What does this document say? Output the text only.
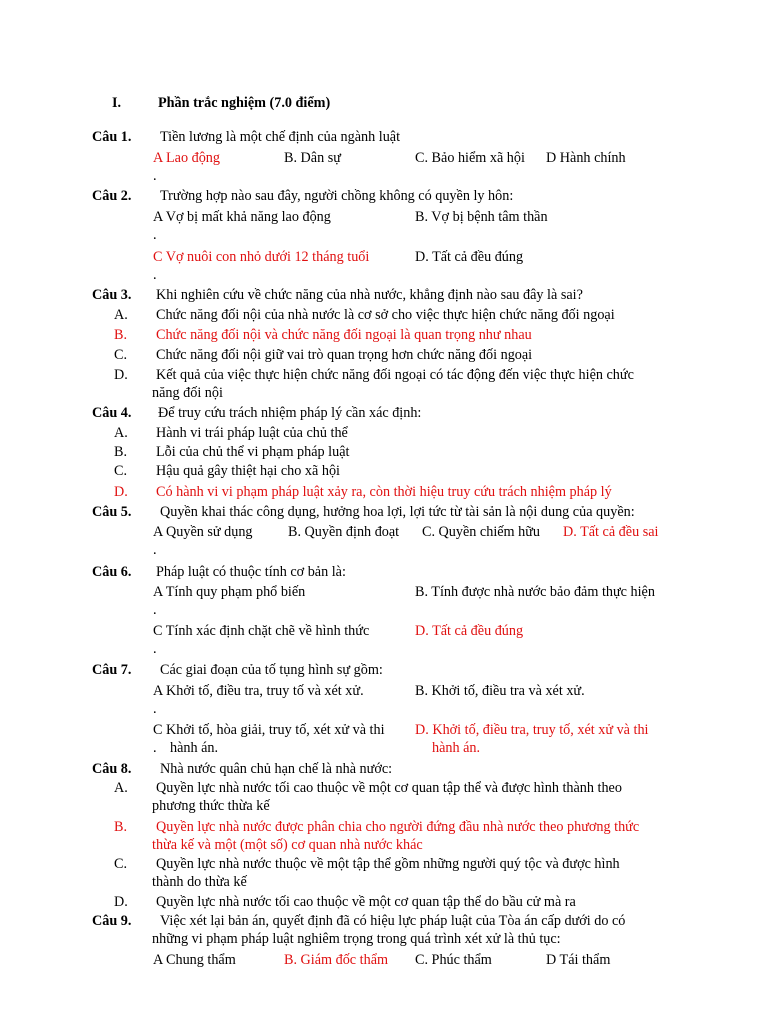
I.	Phần trắc nghiệm (7.0 điểm)
Câu 1. Tiền lương là một chế định của ngành luật
A Lao động	B. Dân sự	C. Bảo hiểm xã hội D Hành chính
.
Câu 2. Trường hợp nào sau đây, người chồng không có quyền ly hôn:
A Vợ bị mất khả năng lao động	B. Vợ bị bệnh tâm thần
.
C Vợ nuôi con nhỏ dưới 12 tháng tuổi	D. Tất cả đều đúng
.
Câu 3. Khi nghiên cứu về chức năng của nhà nước, khẳng định nào sau đây là sai?
A. Chức năng đối nội của nhà nước là cơ sở cho việc thực hiện chức năng đối ngoại
B. Chức năng đối nội và chức năng đối ngoại là quan trọng như nhau
C. Chức năng đối nội giữ vai trò quan trọng hơn chức năng đối ngoại
D. Kết quả của việc thực hiện chức năng đối ngoại có tác động đến việc thực hiện chức
năng đối nội
Câu 4. Để truy cứu trách nhiệm pháp lý cần xác định:
A. Hành vi trái pháp luật của chủ thể
B. Lỗi của chủ thể vi phạm pháp luật
C. Hậu quả gây thiệt hại cho xã hội
D. Có hành vi vi phạm pháp luật xảy ra, còn thời hiệu truy cứu trách nhiệm pháp lý
Câu 5. Quyền khai thác công dụng, hưởng hoa lợi, lợi tức từ tài sản là nội dung của quyền:
A Quyền sử dụng B. Quyền định đoạt C. Quyền chiếm hữu D. Tất cả đều sai
.
Câu 6. Pháp luật có thuộc tính cơ bản là:
A Tính quy phạm phổ biến	B. Tính được nhà nước bảo đảm thực hiện
.
C Tính xác định chặt chẽ về hình thức	D. Tất cả đều đúng
.
Câu 7. Các giai đoạn của tố tụng hình sự gồm:
A Khởi tố, điều tra, truy tố và xét xử.	B. Khởi tố, điều tra và xét xử.
.
C Khởi tố, hòa giải, truy tố, xét xử và thi
. hành án.
D. Khởi tố, điều tra, truy tố, xét xử và thi
hành án.
Câu 8. Nhà nước quân chủ hạn chế là nhà nước:
A. Quyền lực nhà nước tối cao thuộc về một cơ quan tập thể và được hình thành theo
phương thức thừa kế
B. Quyền lực nhà nước được phân chia cho người đứng đầu nhà nước theo phương thức
thừa kế và một (một số) cơ quan nhà nước khác
C. Quyền lực nhà nước thuộc về một tập thể gồm những người quý tộc và được hình
thành do thừa kế
D. Quyền lực nhà nước tối cao thuộc về một cơ quan tập thể do bầu cử mà ra
Câu 9. Việc xét lại bản án, quyết định đã có hiệu lực pháp luật của Tòa án cấp dưới do có
những vi phạm pháp luật nghiêm trọng trong quá trình xét xử là thủ tục:
A Chung thẩm	B. Giám đốc thẩm C. Phúc thẩm	D Tái thẩm
